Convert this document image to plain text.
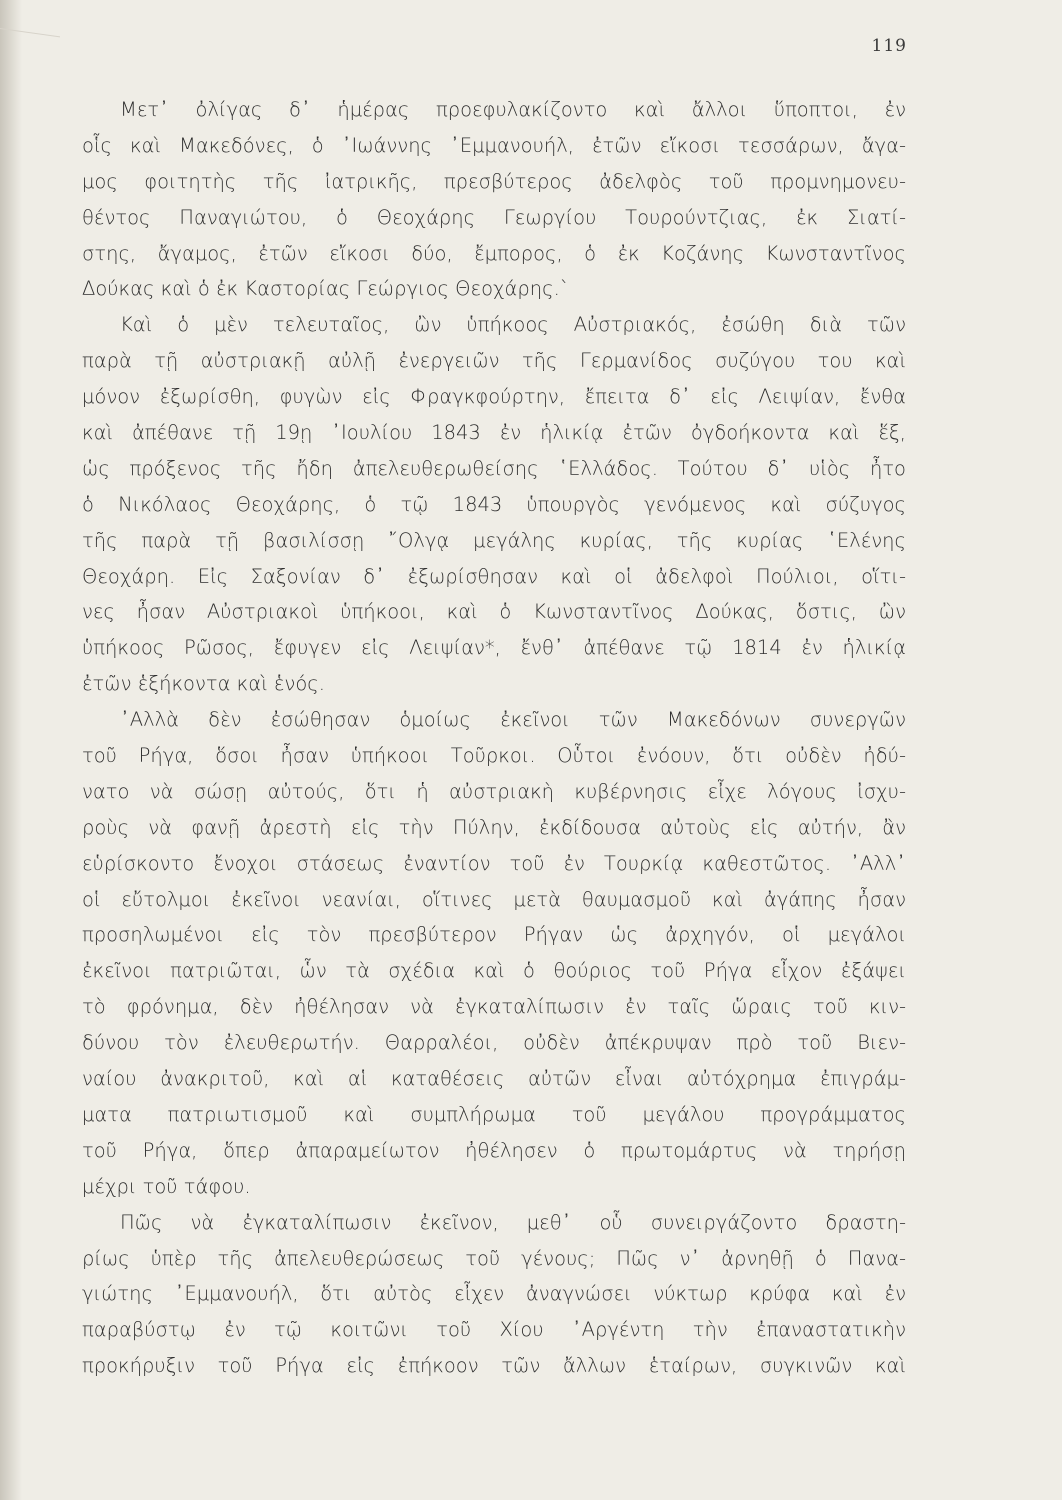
119
Μετ᾽ ὀλίγας δ᾽ ἡμέρας προεφυλακίζοντο καὶ ἄλλοι ὕποπτοι, ἐν
οἷς καὶ Μακεδόνες, ὁ ᾿Ιωάννης ᾿Εμμανουήλ, ἐτῶν εἴκοσι τεσσάρων, ἄγα-
μος φοιτητὴς τῆς ἰατρικῆς, πρεσβύτερος ἀδελφὸς τοῦ προμνημονευ-
θέντος Παναγιώτου, ὁ Θεοχάρης Γεωργίου Τουρούντζιας, ἐκ Σιατί-
στης, ἄγαμος, ἐτῶν εἴκοσι δύο, ἔμπορος, ὁ ἐκ Κοζάνης Κωνσταντῖνος
Δούκας καὶ ὁ ἐκ Καστορίας Γεώργιος Θεοχάρης.`
Καὶ ὁ μὲν τελευταῖος, ὢν ὑπήκοος Αὐστριακός, ἐσώθη διὰ τῶν
παρὰ τῇ αὐστριακῇ αὐλῇ ἐνεργειῶν τῆς Γερμανίδος συζύγου του καὶ
μόνον ἐξωρίσθη, φυγὼν εἰς Φραγκφούρτην, ἔπειτα δ᾽ εἰς Λειψίαν, ἔνθα
καὶ ἀπέθανε τῇ 19ῃ ᾿Ιουλίου 1843 ἐν ἡλικίᾳ ἐτῶν ὀγδοήκοντα καὶ ἕξ,
ὡς πρόξενος τῆς ἤδη ἀπελευθερωθείσης ῾Ελλάδος. Τούτου δ᾽ υἱὸς ἦτο
ὁ Νικόλαος Θεοχάρης, ὁ τῷ 1843 ὑπουργὸς γενόμενος καὶ σύζυγος
τῆς παρὰ τῇ βασιλίσσῃ ῎Ολγᾳ μεγάλης κυρίας, τῆς κυρίας ῾Ελένης
Θεοχάρη. Εἰς Σαξονίαν δ᾽ ἐξωρίσθησαν καὶ οἱ ἀδελφοὶ Πούλιοι, οἵτι-
νες ἦσαν Αὐστριακοὶ ὑπήκοοι, καὶ ὁ Κωνσταντῖνος Δούκας, ὅστις, ὢν
ὑπήκοος Ρῶσος, ἔφυγεν εἰς Λειψίαν*, ἔνθ᾽ ἀπέθανε τῷ 1814 ἐν ἡλικίᾳ
ἐτῶν ἑξήκοντα καὶ ἑνός.
᾿Αλλὰ δὲν ἐσώθησαν ὁμοίως ἐκεῖνοι τῶν Μακεδόνων συνεργῶν
τοῦ Ρήγα, ὅσοι ἦσαν ὑπήκοοι Τοῦρκοι. Οὗτοι ἐνόουν, ὅτι οὐδὲν ἠδύ-
νατο νὰ σώσῃ αὐτούς, ὅτι ἡ αὐστριακὴ κυβέρνησις εἶχε λόγους ἰσχυ-
ροὺς νὰ φανῇ ἀρεστὴ εἰς τὴν Πύλην, ἐκδίδουσα αὐτοὺς εἰς αὐτήν, ἂν
εὑρίσκοντο ἔνοχοι στάσεως ἐναντίον τοῦ ἐν Τουρκίᾳ καθεστῶτος. ᾿Αλλ᾽
οἱ εὔτολμοι ἐκεῖνοι νεανίαι, οἵτινες μετὰ θαυμασμοῦ καὶ ἀγάπης ἦσαν
προσηλωμένοι εἰς τὸν πρεσβύτερον Ρήγαν ὡς ἀρχηγόν, οἱ μεγάλοι
ἐκεῖνοι πατριῶται, ὧν τὰ σχέδια καὶ ὁ θούριος τοῦ Ρήγα εἶχον ἐξάψει
τὸ φρόνημα, δὲν ἠθέλησαν νὰ ἐγκαταλίπωσιν ἐν ταῖς ὥραις τοῦ κιν-
δύνου τὸν ἐλευθερωτήν. Θαρραλέοι, οὐδὲν ἀπέκρυψαν πρὸ τοῦ Βιεν-
ναίου ἀνακριτοῦ, καὶ αἱ καταθέσεις αὐτῶν εἶναι αὐτόχρημα ἐπιγράμ-
ματα πατριωτισμοῦ καὶ συμπλήρωμα τοῦ μεγάλου προγράμματος
τοῦ Ρήγα, ὅπερ ἀπαραμείωτον ἠθέλησεν ὁ πρωτομάρτυς νὰ τηρήσῃ
μέχρι τοῦ τάφου.
Πῶς νὰ ἐγκαταλίπωσιν ἐκεῖνον, μεθ᾽ οὗ συνειργάζοντο δραστη-
ρίως ὑπὲρ τῆς ἀπελευθερώσεως τοῦ γένους; Πῶς ν᾽ ἀρνηθῇ ὁ Πανα-
γιώτης ᾿Εμμανουήλ, ὅτι αὐτὸς εἶχεν ἀναγνώσει νύκτωρ κρύφα καὶ ἐν
παραβύστῳ ἐν τῷ κοιτῶνι τοῦ Χίου ᾿Αργέντη τὴν ἐπαναστατικὴν
προκήρυξιν τοῦ Ρήγα εἰς ἐπήκοον τῶν ἄλλων ἑταίρων, συγκινῶν καὶ
